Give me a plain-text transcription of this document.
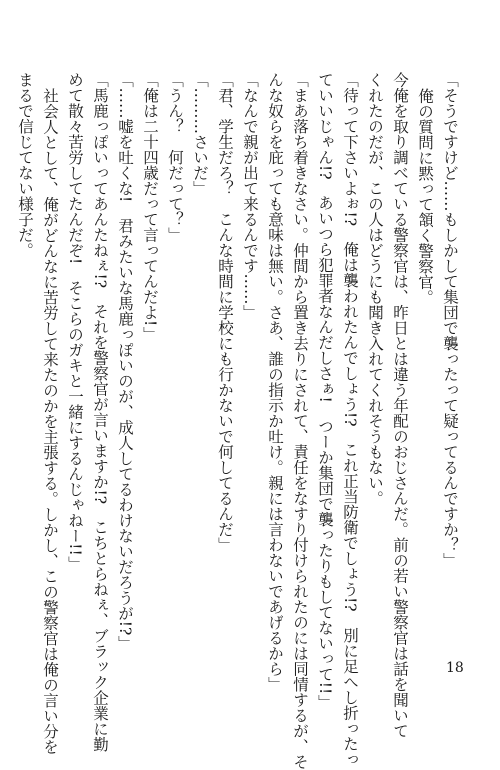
「そうですけど……もしかして集団で襲ったって疑ってるんですか？」

俺の質問に黙って頷く警察官。

今俺を取り調べている警察官は、昨日とは違う年配のおじさんだ。前の若い警察官は話を聞いて

くれたのだが、この人はどうにも聞き入れてくれそうもない。

「待って下さいよぉ!?　俺は襲われたんでしょう!?　これ正当防衛でしょう!?　別に足へし折ったっ

ていいじゃん!?　あいつら犯罪者なんだしさぁ!　つーか集団で襲ったりもしてないって!!」

「まあ落ち着きなさい。仲間から置き去りにされて、責任をなすり付けられたのには同情するが、そ

んな奴らを庇っても意味は無い。さあ、誰の指示か吐け。親には言わないであげるから」

「なんで親が出て来るんです……」

「君、学生だろ？　こんな時間に学校にも行かないで何してるんだ」

「………さいだ」

「うん？　何だって？」

「俺は二十四歳だって言ってんだよ!」

「……嘘を吐くな!　君みたいな馬鹿っぽいのが、成人してるわけないだろうが!?」

「馬鹿っぽいってあんたねぇ!?　それを警察官が言いますか!?　こちとらねぇ、ブラック企業に勤

めて散々苦労してたんだぞ!　そこらのガキと一緒にするんじゃねー!!」

社会人として、俺がどんなに苦労して来たのかを主張する。しかし、この警察官は俺の言い分を

まるで信じてない様子だ。

18
